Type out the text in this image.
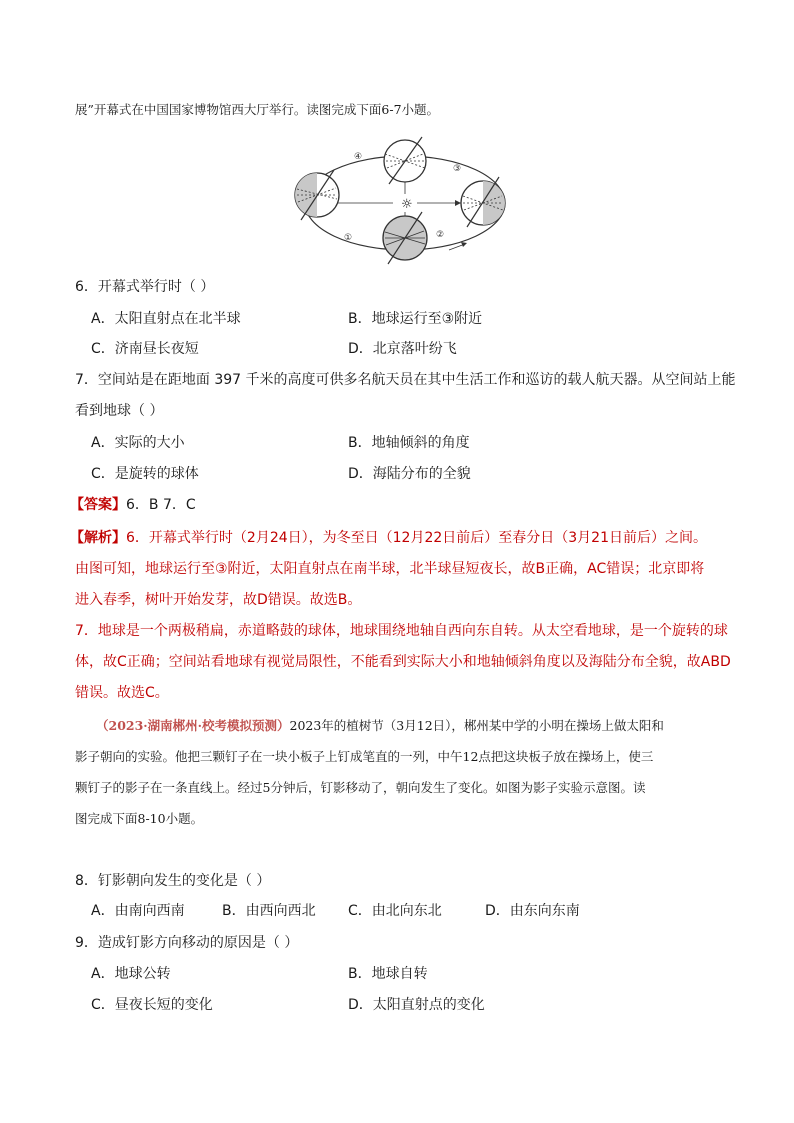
展”开幕式在中国国家博物馆西大厅举行。读图完成下面6-7小题。
☼
①	②
③
④
6．开幕式举行时（ ）
A．太阳直射点在北半球	B．地球运行至③附近
C．济南昼长夜短	D．北京落叶纷飞
7．空间站是在距地面 397 千米的高度可供多名航天员在其中生活工作和巡访的载人航天器。从空间站上能
看到地球（ ）
A．实际的大小	B．地轴倾斜的角度
C．是旋转的球体	D．海陆分布的全貌
【答案】6．B 7．C
【解析】6．开幕式举行时（2月24日），为冬至日（12月22日前后）至春分日（3月21日前后）之间。
由图可知，地球运行至③附近，太阳直射点在南半球，北半球昼短夜长，故B正确，AC错误；北京即将
进入春季，树叶开始发芽，故D错误。故选B。
7．地球是一个两极稍扁，赤道略鼓的球体，地球围绕地轴自西向东自转。从太空看地球，是一个旋转的球
体，故C正确；空间站看地球有视觉局限性，不能看到实际大小和地轴倾斜角度以及海陆分布全貌，故ABD
错误。故选C。
（2023·湖南郴州·校考模拟预测）2023年的植树节（3月12日），郴州某中学的小明在操场上做太阳和
影子朝向的实验。他把三颗钉子在一块小板子上钉成笔直的一列，中午12点把这块板子放在操场上，使三
颗钉子的影子在一条直线上。经过5分钟后，钉影移动了，朝向发生了变化。如图为影子实验示意图。读
图完成下面8-10小题。
8．钉影朝向发生的变化是（ ）
A．由南向西南	B．由西向西北 C．由北向东北	D．由东向东南
9．造成钉影方向移动的原因是（ ）
A．地球公转	B．地球自转
C．昼夜长短的变化	D．太阳直射点的变化
